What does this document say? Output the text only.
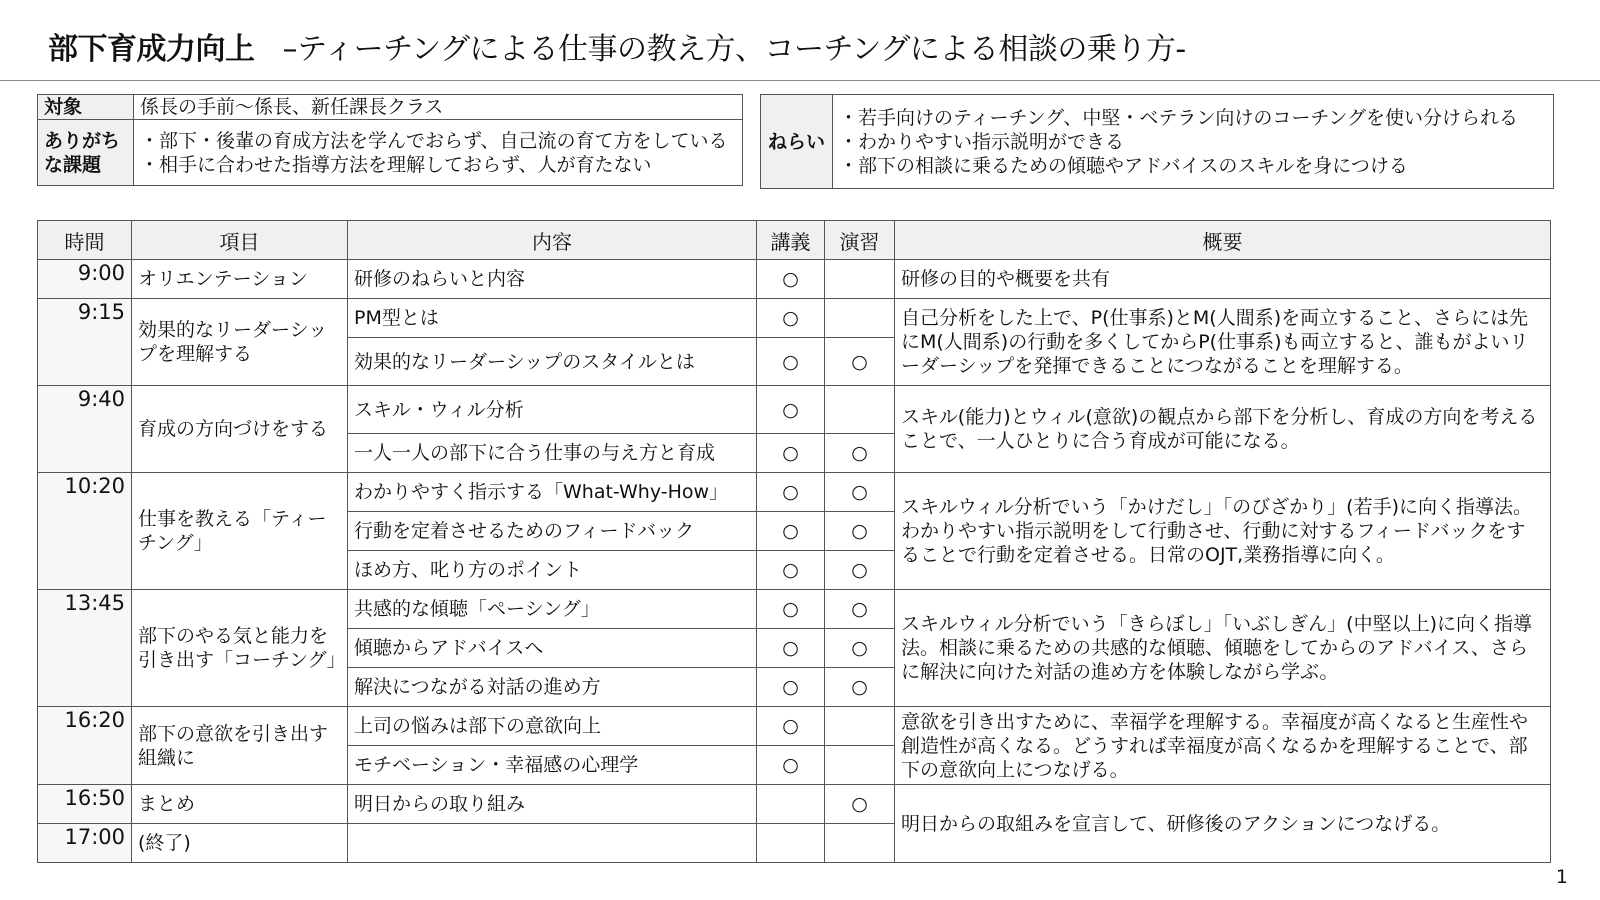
部下育成力向上 –ティーチングによる仕事の教え方、コーチングによる相談の乗り方-
対象	係長の手前～係長、新任課長クラス
ありがちな課題	・部下・後輩の育成方法を学んでおらず、自己流の育て方をしている
・相手に合わせた指導方法を理解しておらず、人が育たない
ねらい	
・若手向けのティーチング、中堅・ベテラン向けのコーチングを使い分けられる
・わかりやすい指示説明ができる
・部下の相談に乗るための傾聴やアドバイスのスキルを身につける
時間	項目	内容	講義	演習	概要
9:00	オリエンテーション	研修のねらいと内容	○		研修の目的や概要を共有
9:15	効果的なリーダーシップを理解する	PM型とは	○		自己分析をした上で、P(仕事系)とM(人間系)を両立すること、さらには先にM(人間系)の行動を多くしてからP(仕事系)も両立すると、誰もがよいリーダーシップを発揮できることにつながることを理解する。
		効果的なリーダーシップのスタイルとは	○	○	
9:40	育成の方向づけをする	スキル・ウィル分析	○		スキル(能力)とウィル(意欲)の観点から部下を分析し、育成の方向を考えることで、一人ひとりに合う育成が可能になる。
		一人一人の部下に合う仕事の与え方と育成	○	○	
10:20	仕事を教える「ティーチング」	わかりやすく指示する「What-Why-How」	○	○	スキルウィル分析でいう「かけだし」「のびざかり」(若手)に向く指導法。わかりやすい指示説明をして行動させ、行動に対するフィードバックをすることで行動を定着させる。日常のOJT,業務指導に向く。
		行動を定着させるためのフィードバック	○	○	
		ほめ方、叱り方のポイント	○	○	
13:45	部下のやる気と能力を引き出す「コーチング」	共感的な傾聴「ペーシング」	○	○	スキルウィル分析でいう「きらぼし」「いぶしぎん」(中堅以上)に向く指導法。相談に乗るための共感的な傾聴、傾聴をしてからのアドバイス、さらに解決に向けた対話の進め方を体験しながら学ぶ。
		傾聴からアドバイスへ	○	○	
		解決につながる対話の進め方	○	○	
16:20	部下の意欲を引き出す組織に	上司の悩みは部下の意欲向上	○		意欲を引き出すために、幸福学を理解する。幸福度が高くなると生産性や創造性が高くなる。どうすれば幸福度が高くなるかを理解することで、部下の意欲向上につなげる。
		モチベーション・幸福感の心理学	○		
16:50	まとめ	明日からの取り組み		○	明日からの取組みを宣言して、研修後のアクションにつなげる。
17:00	(終了)				
1
